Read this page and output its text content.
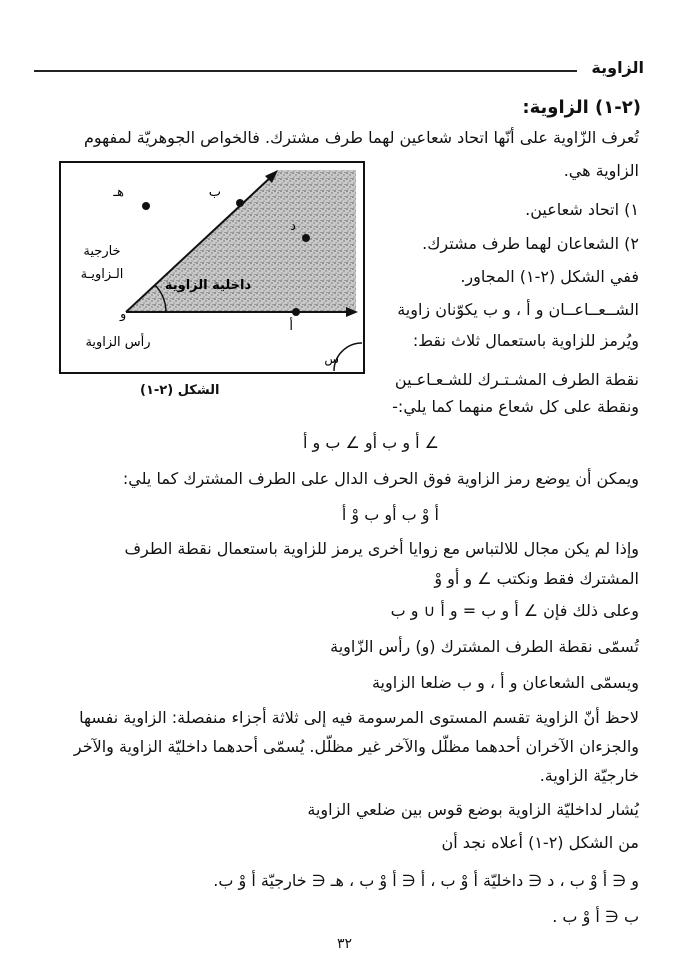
الزاوية
(٢-١) الزاوية:
تُعرف الزّاوية على أنّها اتحاد شعاعين لهما طرف مشترك. فالخواص الجوهريّة لمفهوم
الزاوية هي.
١) اتحاد شعاعين.
٢) الشعاعان لهما طرف مشترك.
ففي الشكل (٢-١) المجاور.
الشــعــاعــان و أ ، و ب يكوّنان زاوية
ويُرمز للزاوية باستعمال ثلاث نقط:
نقطة الطرف المشـتـرك للشـعـاعـين
ونقطة على كل شعاع منهما كما يلي:-
∠ أ و ب أو ∠ ب و أ
ويمكن أن يوضع رمز الزاوية فوق الحرف الدال على الطرف المشترك كما يلي:
أ وْ ب أو ب وْ أ
وإذا لم يكن مجال للالتباس مع زوايا أخرى يرمز للزاوية باستعمال نقطة الطرف
المشترك فقط ونكتب ∠ و أو وْ
وعلى ذلك فإن ∠ أ و ب = و أ ∪ و ب
تُسمّى نقطة الطرف المشترك (و) رأس الزّاوية
ويسمّى الشعاعان و أ ، و ب ضلعا الزاوية
لاحظ أنّ الزاوية تقسم المستوى المرسومة فيه إلى ثلاثة أجزاء منفصلة: الزاوية نفسها
والجزءان الآخران أحدهما مظلّل والآخر غير مظلّل. يُسمّى أحدهما داخليّة الزاوية والآخر
خارجيّة الزاوية.
يُشار لداخليّة الزاوية بوضع قوس بين ضلعي الزاوية
من الشكل (٢-١) أعلاه نجد أن
و ∈ أ وْ ب ، د ∈ داخليّة أ وْ ب ، أ ∈ أ وْ ب ، هـ ∈ خارجيّة أ وْ ب.
ب ∈ أ وْ ب .
هـ	ب
د
و
أ
س
خارجية
الـزاويـة
داخلية الزاوية
رأس الزاوية
الشكل (٢-١)
٣٢
